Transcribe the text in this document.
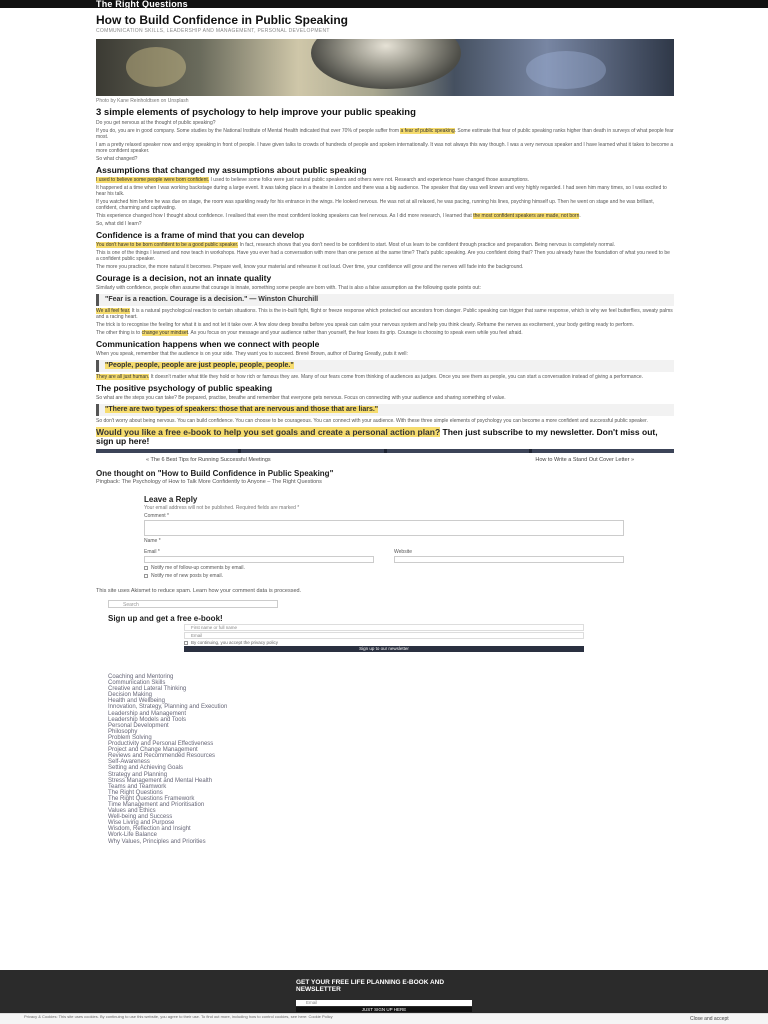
The Right Questions
How to Build Confidence in Public Speaking
COMMUNICATION SKILLS, LEADERSHIP AND MANAGEMENT, PERSONAL DEVELOPMENT
Photo by Kane Reinholdtsen on Unsplash
3 simple elements of psychology to help improve your public speaking

Do you get nervous at the thought of public speaking?

If you do, you are in good company. Some studies by the National Institute of Mental Health indicated that over 70% of people suffer from a fear of public speaking. Some estimate that fear of public speaking ranks higher than death in surveys of what people fear most.

I am a pretty relaxed speaker now and enjoy speaking in front of people. I have given talks to crowds of hundreds of people and spoken internationally. It was not always this way though. I was a very nervous speaker and I have learned what it takes to become a more confident speaker.

So what changed?

Assumptions that changed my assumptions about public speaking

I used to believe some people were born confident. I used to believe some folks were just natural public speakers and others were not. Research and experience have changed those assumptions.

It happened at a time when I was working backstage during a large event. It was taking place in a theatre in London and there was a big audience. The speaker that day was well known and very highly regarded. I had seen him many times, so I was excited to hear his talk.

If you watched him before he was due on stage, the room was sparkling ready for his entrance in the wings. He looked nervous. He was not at all relaxed, he was pacing, running his lines, psyching himself up. Then he went on stage and he was brilliant, confident, charming and captivating.

This experience changed how I thought about confidence. I realised that even the most confident looking speakers can feel nervous. As I did more research, I learned that the most confident speakers are made, not born.

So, what did I learn?

Confidence is a frame of mind that you can develop

You don't have to be born confident to be a good public speaker. In fact, research shows that you don't need to be confident to start. Most of us learn to be confident through practice and preparation. Being nervous is completely normal.

This is one of the things I learned and now teach in workshops. Have you ever had a conversation with more than one person at the same time? That's public speaking. Are you confident doing that? Then you already have the foundation of what you need to be a confident public speaker.

The more you practice, the more natural it becomes. Prepare well, know your material and rehearse it out loud. Over time, your confidence will grow and the nerves will fade into the background.

Courage is a decision, not an innate quality

Similarly with confidence, people often assume that courage is innate, something some people are born with. That is also a false assumption as the following quote points out:

"Fear is a reaction. Courage is a decision." — Winston Churchill

We all feel fear. It is a natural psychological reaction to certain situations. This is the in-built fight, flight or freeze response which protected our ancestors from danger. Public speaking can trigger that same response, which is why we feel butterflies, sweaty palms and a racing heart.

The trick is to recognise the feeling for what it is and not let it take over. A few slow deep breaths before you speak can calm your nervous system and help you think clearly. Reframe the nerves as excitement, your body getting ready to perform.

The other thing is to change your mindset. As you focus on your message and your audience rather than yourself, the fear loses its grip. Courage is choosing to speak even while you feel afraid.

Communication happens when we connect with people

When you speak, remember that the audience is on your side. They want you to succeed. Brené Brown, author of Daring Greatly, puts it well:

"People, people, people are just people, people, people."

They are all just human. It doesn't matter what title they hold or how rich or famous they are. Many of our fears come from thinking of audiences as judges. Once you see them as people, you can start a conversation instead of giving a performance.

The positive psychology of public speaking

So what are the steps you can take? Be prepared, practise, breathe and remember that everyone gets nervous. Focus on connecting with your audience and sharing something of value.

"There are two types of speakers: those that are nervous and those that are liars."

So don't worry about being nervous. You can build confidence. You can choose to be courageous. You can connect with your audience. With these three simple elements of psychology you can become a more confident and successful public speaker.

Would you like a free e-book to help you set goals and create a personal action plan? Then just subscribe to my newsletter. Don't miss out, sign up here!
« The 6 Best Tips for Running Successful Meetings	How to Write a Stand Out Cover Letter »
One thought on "How to Build Confidence in Public Speaking"
Pingback: The Psychology of How to Talk More Confidently to Anyone – The Right Questions
Leave a Reply
Your email address will not be published. Required fields are marked *
Comment *
Name *
Email *	Website
Notify me of follow-up comments by email.
Notify me of new posts by email.
This site uses Akismet to reduce spam. Learn how your comment data is processed.
Search
Sign up and get a free e-book!
First name or full name
Email
By continuing, you accept the privacy policy
Sign up to our newsletter
Coaching and Mentoring
Communication Skills
Creative and Lateral Thinking
Decision Making
Health and Wellbeing
Innovation, Strategy, Planning and Execution
Leadership and Management
Leadership Models and Tools
Personal Development
Philosophy
Problem Solving
Productivity and Personal Effectiveness
Project and Change Management
Reviews and Recommended Resources
Self-Awareness
Setting and Achieving Goals
Strategy and Planning
Stress Management and Mental Health
Teams and Teamwork
The Right Questions
The Right Questions Framework
Time Management and Prioritisation
Values and Ethics
Well-being and Success
Wise Living and Purpose
Wisdom, Reflection and Insight
Work-Life Balance
Why Values, Principles and Priorities
GET YOUR FREE LIFE PLANNING E-BOOK AND NEWSLETTER
Email
JUST SIGN UP HERE
Privacy & Cookies: This site uses cookies. By continuing to use this website, you agree to their use. To find out more, including how to control cookies, see here: Cookie Policy	Close and accept
